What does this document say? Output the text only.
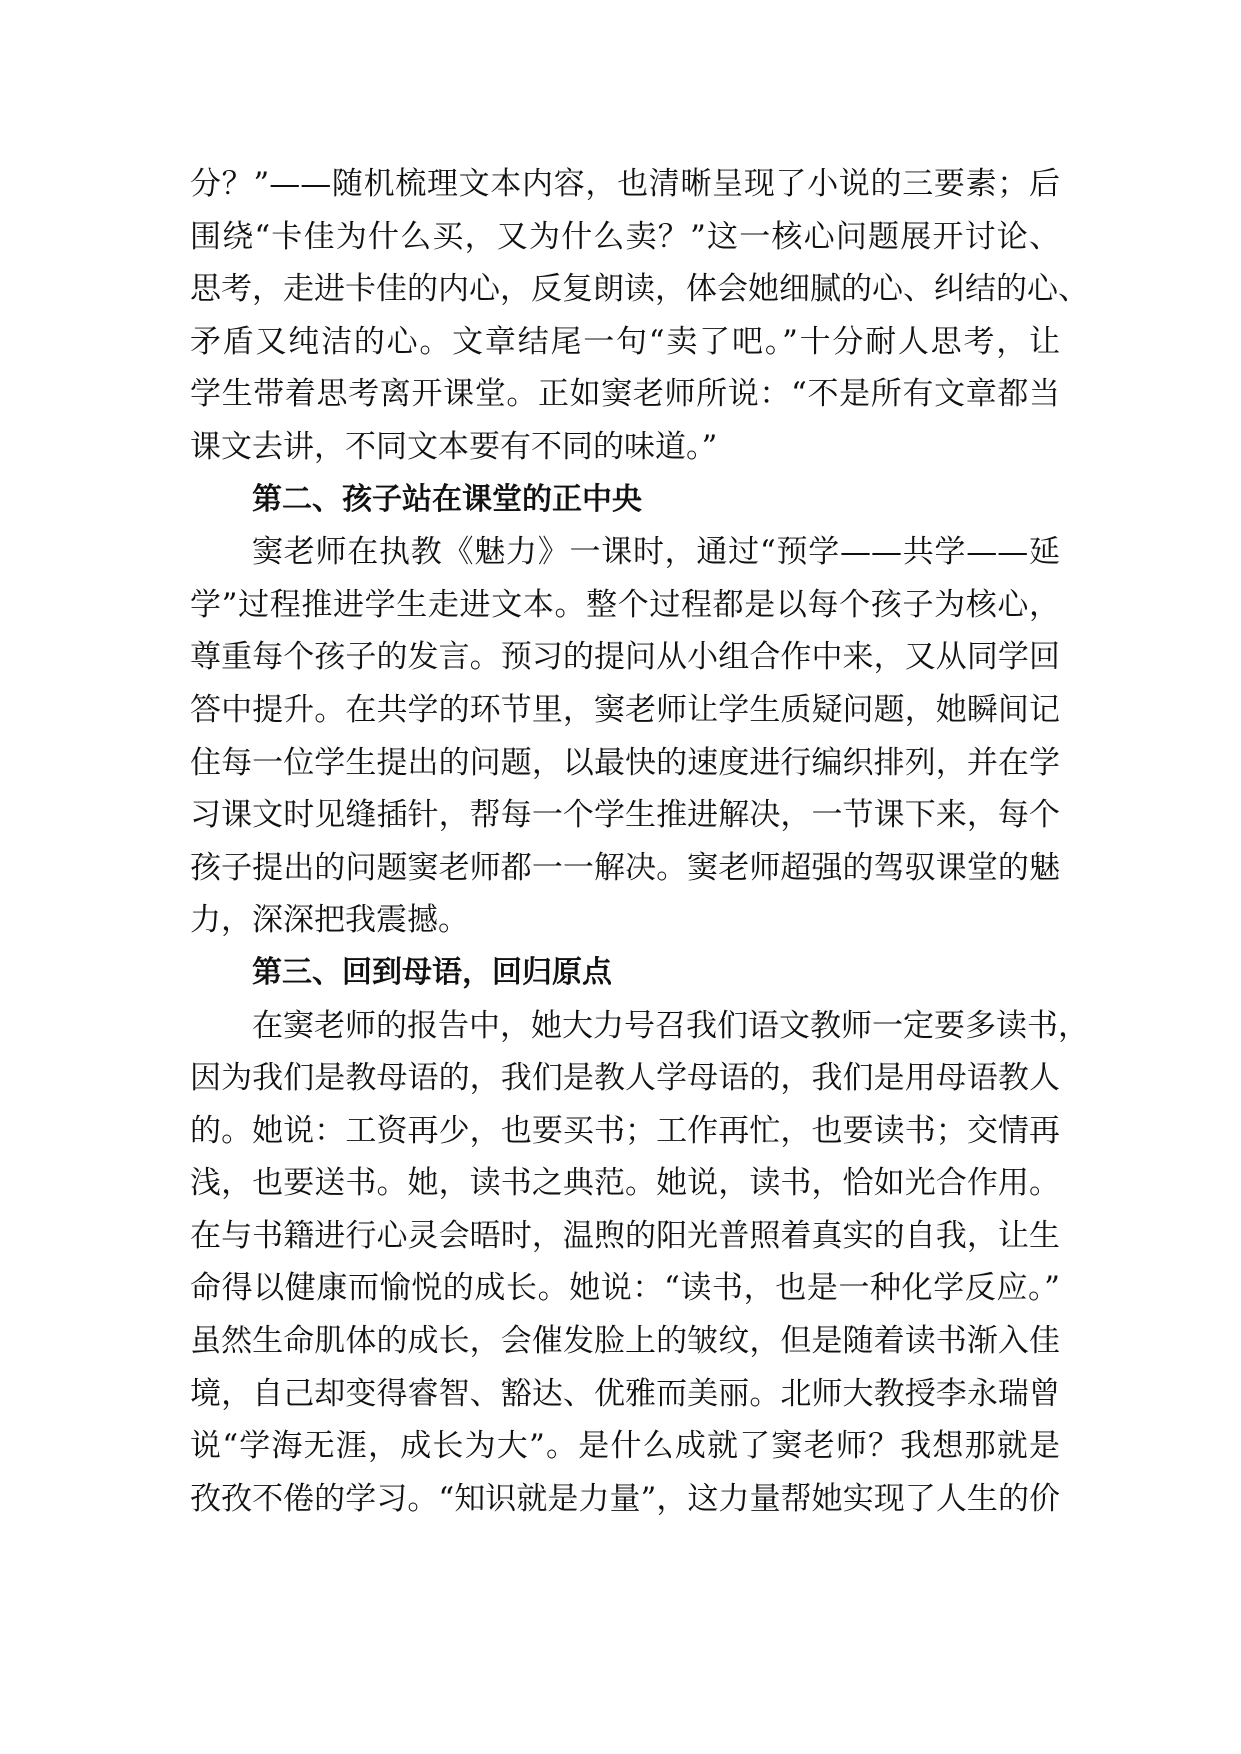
分？”——随机梳理文本内容，也清晰呈现了小说的三要素；后
围绕“卡佳为什么买，又为什么卖？”这一核心问题展开讨论、
思考，走进卡佳的内心，反复朗读，体会她细腻的心、纠结的心、
矛盾又纯洁的心。文章结尾一句“卖了吧。”十分耐人思考，让
学生带着思考离开课堂。正如窦老师所说：“不是所有文章都当
课文去讲，不同文本要有不同的味道。”
第二、孩子站在课堂的正中央
窦老师在执教《魅力》一课时，通过“预学——共学——延
学”过程推进学生走进文本。整个过程都是以每个孩子为核心，
尊重每个孩子的发言。预习的提问从小组合作中来，又从同学回
答中提升。在共学的环节里，窦老师让学生质疑问题，她瞬间记
住每一位学生提出的问题，以最快的速度进行编织排列，并在学
习课文时见缝插针，帮每一个学生推进解决，一节课下来，每个
孩子提出的问题窦老师都一一解决。窦老师超强的驾驭课堂的魅
力，深深把我震撼。
第三、回到母语，回归原点
在窦老师的报告中，她大力号召我们语文教师一定要多读书，
因为我们是教母语的，我们是教人学母语的，我们是用母语教人
的。她说：工资再少，也要买书；工作再忙，也要读书；交情再
浅，也要送书。她，读书之典范。她说，读书，恰如光合作用。
在与书籍进行心灵会晤时，温煦的阳光普照着真实的自我，让生
命得以健康而愉悦的成长。她说：“读书，也是一种化学反应。”
虽然生命肌体的成长，会催发脸上的皱纹，但是随着读书渐入佳
境，自己却变得睿智、豁达、优雅而美丽。北师大教授李永瑞曾
说“学海无涯，成长为大”。是什么成就了窦老师？我想那就是
孜孜不倦的学习。“知识就是力量”，这力量帮她实现了人生的价
